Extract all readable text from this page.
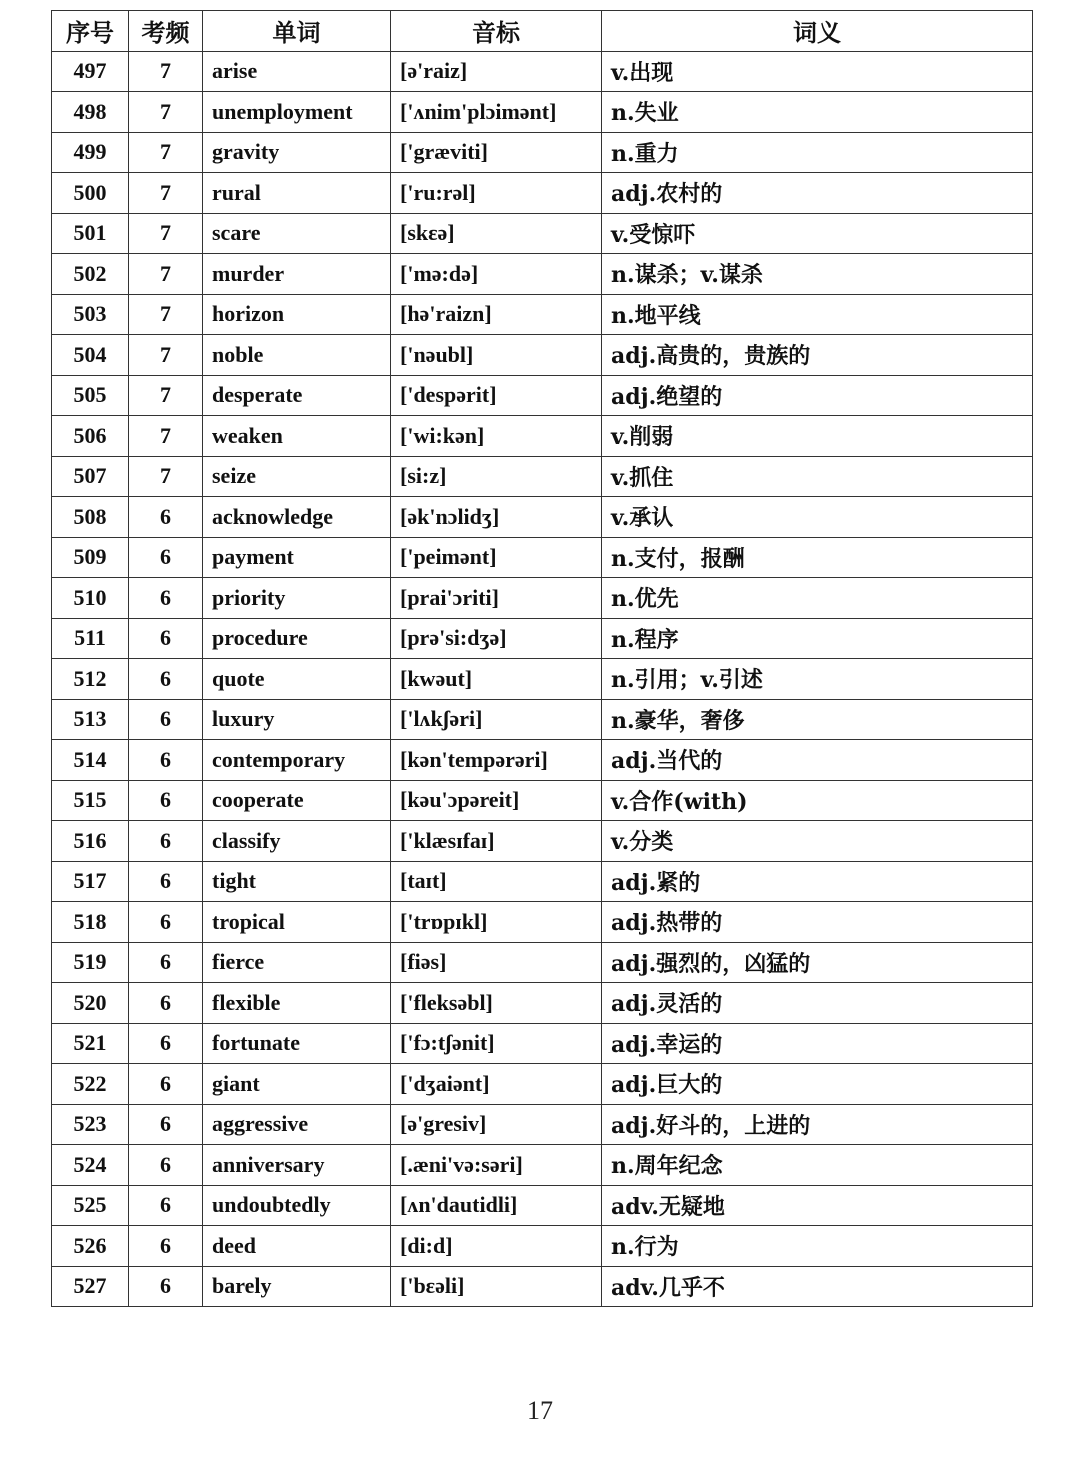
序号	考频	单词	音标	词义
497	7	arise	[ə'raiz]	v.出现
498	7	unemployment	['ʌnim'plɔimənt]	n.失业
499	7	gravity	['græviti]	n.重力
500	7	rural	['ru:rəl]	adj.农村的
501	7	scare	[skεə]	v.受惊吓
502	7	murder	['mə:də]	n.谋杀；v.谋杀
503	7	horizon	[hə'raizn]	n.地平线
504	7	noble	['nəubl]	adj.高贵的，贵族的
505	7	desperate	['despərit]	adj.绝望的
506	7	weaken	['wi:kən]	v.削弱
507	7	seize	[si:z]	v.抓住
508	6	acknowledge	[ək'nɔlidʒ]	v.承认
509	6	payment	['peimənt]	n.支付，报酬
510	6	priority	[prai'ɔriti]	n.优先
511	6	procedure	[prə'si:dʒə]	n.程序
512	6	quote	[kwəut]	n.引用；v.引述
513	6	luxury	['lʌkʃəri]	n.豪华，奢侈
514	6	contemporary	[kən'tempərəri]	adj.当代的
515	6	cooperate	[kəu'ɔpəreit]	v.合作(with)
516	6	classify	['klæsɪfaɪ]	v.分类
517	6	tight	[taɪt]	adj.紧的
518	6	tropical	['trɒpɪkl]	adj.热带的
519	6	fierce	[fiəs]	adj.强烈的，凶猛的
520	6	flexible	['fleksəbl]	adj.灵活的
521	6	fortunate	['fɔ:tʃənit]	adj.幸运的
522	6	giant	['dʒaiənt]	adj.巨大的
523	6	aggressive	[ə'gresiv]	adj.好斗的，上进的
524	6	anniversary	[.æni'və:səri]	n.周年纪念
525	6	undoubtedly	[ʌn'dautidli]	adv.无疑地
526	6	deed	[di:d]	n.行为
527	6	barely	['bεəli]	adv.几乎不
17
